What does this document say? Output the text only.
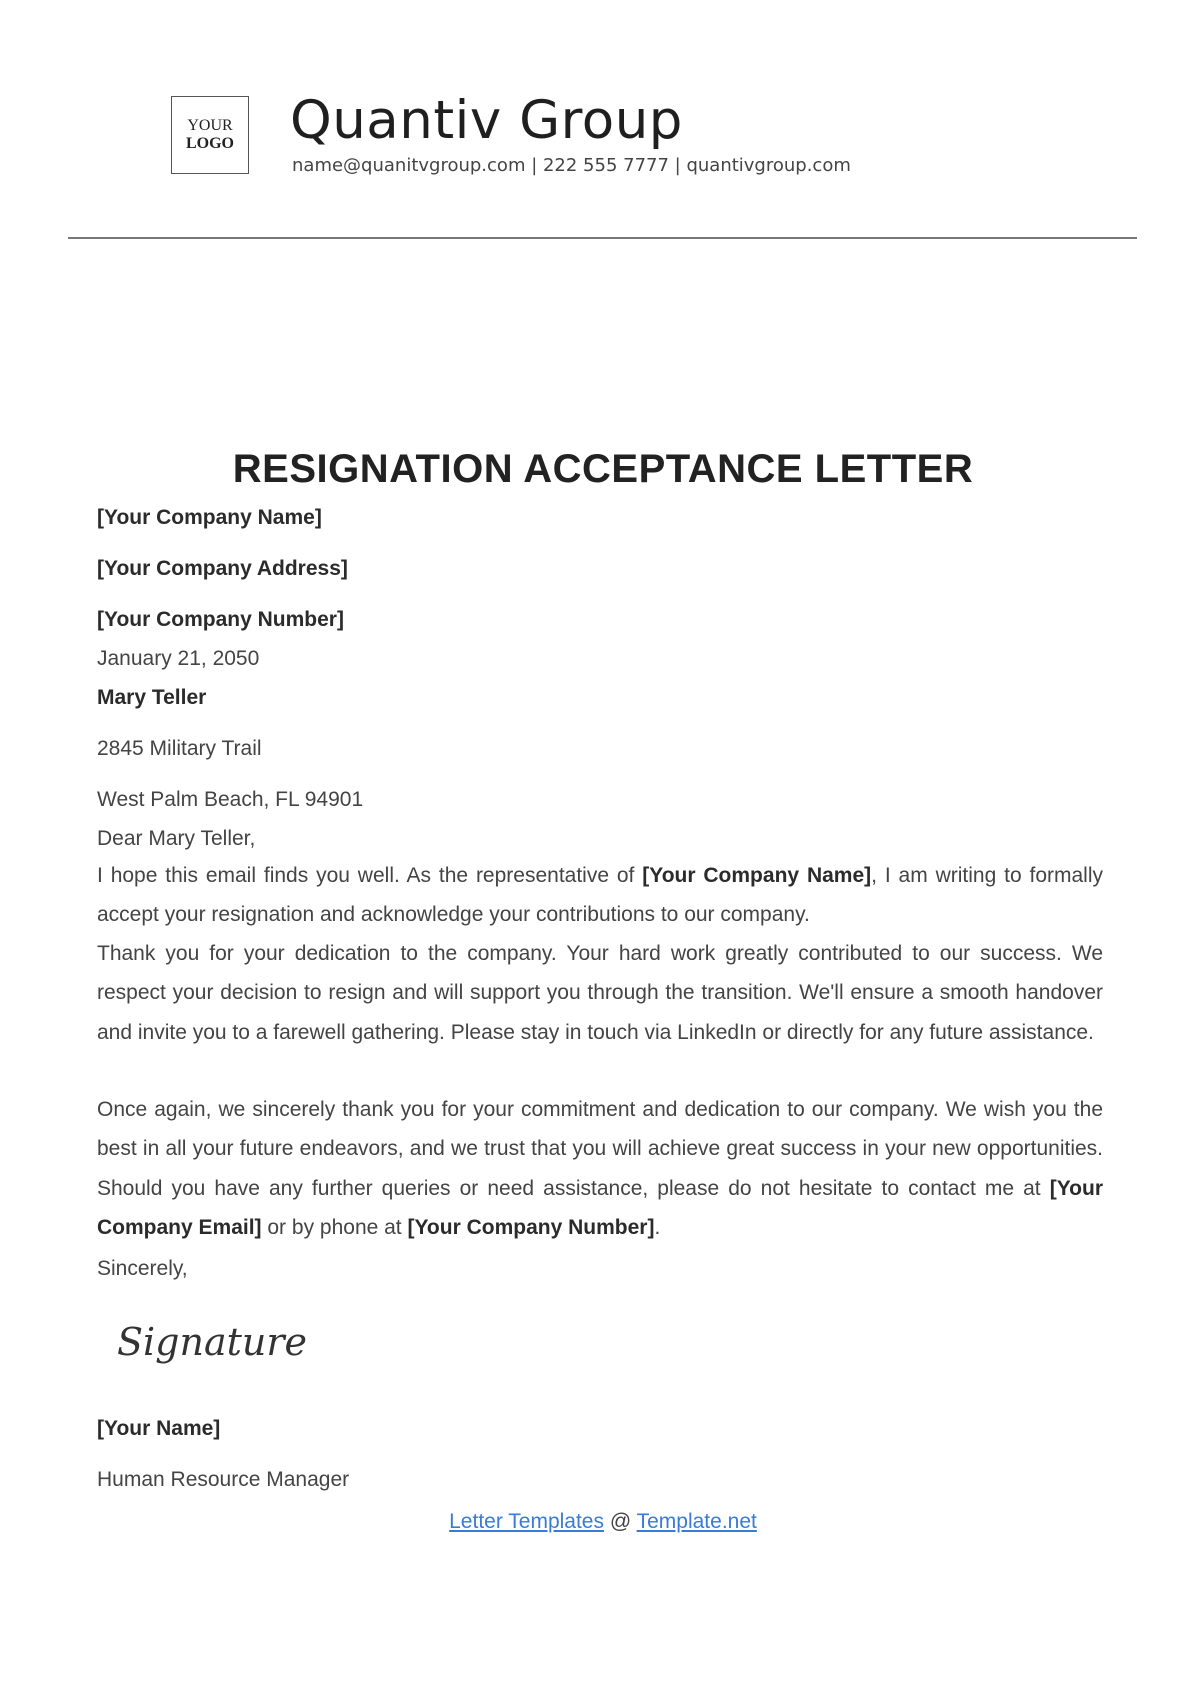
YOUR
LOGO Quantiv Group
name@quanitvgroup.com | 222 555 7777 | quantivgroup.com
RESIGNATION ACCEPTANCE LETTER
[Your Company Name]
[Your Company Address]
[Your Company Number]
January 21, 2050
Mary Teller
2845 Military Trail
West Palm Beach, FL 94901
Dear Mary Teller,
I hope this email finds you well. As the representative of [Your Company Name], I am writing to formally accept your resignation and acknowledge your contributions to our company.
Thank you for your dedication to the company. Your hard work greatly contributed to our success. We respect your decision to resign and will support you through the transition. We'll ensure a smooth handover and invite you to a farewell gathering. Please stay in touch via LinkedIn or directly for any future assistance.
Once again, we sincerely thank you for your commitment and dedication to our company. We wish you the best in all your future endeavors, and we trust that you will achieve great success in your new opportunities. Should you have any further queries or need assistance, please do not hesitate to contact me at [Your Company Email] or by phone at [Your Company Number].
Sincerely,
Signature
[Your Name]
Human Resource Manager
Letter Templates @ Template.net
